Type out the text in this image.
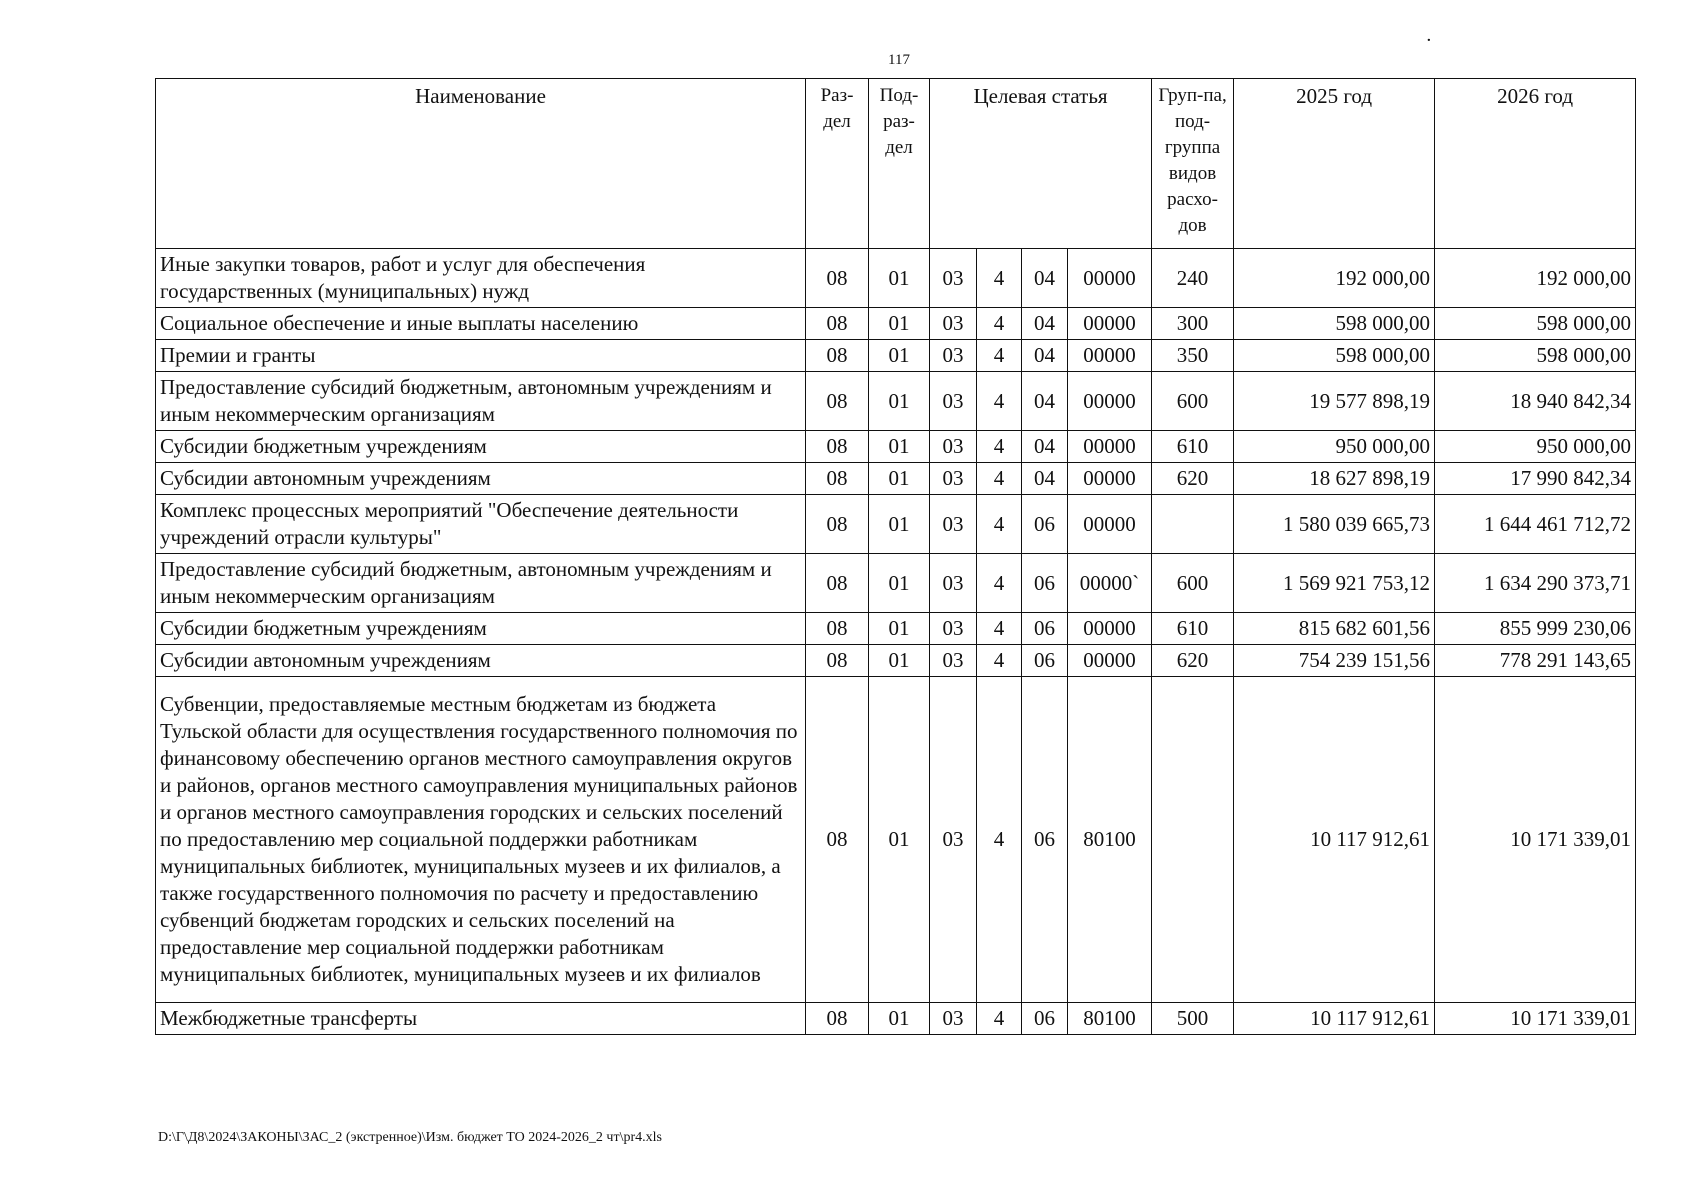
117
·
Наименование	Раз-дел	Под-раз-дел	Целевая статья				Груп-па, под-группа видов расхо-дов	2025 год	2026 год
Иные закупки товаров, работ и услуг для обеспечения государственных (муниципальных) нужд	08	01	03	4	04	00000	240	192 000,00	192 000,00
Социальное обеспечение и иные выплаты населению	08	01	03	4	04	00000	300	598 000,00	598 000,00
Премии и гранты	08	01	03	4	04	00000	350	598 000,00	598 000,00
Предоставление субсидий бюджетным, автономным учреждениям и иным некоммерческим организациям	08	01	03	4	04	00000	600	19 577 898,19	18 940 842,34
Субсидии бюджетным учреждениям	08	01	03	4	04	00000	610	950 000,00	950 000,00
Субсидии автономным учреждениям	08	01	03	4	04	00000	620	18 627 898,19	17 990 842,34
Комплекс процессных мероприятий "Обеспечение деятельности учреждений отрасли культуры"	08	01	03	4	06	00000		1 580 039 665,73	1 644 461 712,72
Предоставление субсидий бюджетным, автономным учреждениям и иным некоммерческим организациям	08	01	03	4	06	00000`	600	1 569 921 753,12	1 634 290 373,71
Субсидии бюджетным учреждениям	08	01	03	4	06	00000	610	815 682 601,56	855 999 230,06
Субсидии автономным учреждениям	08	01	03	4	06	00000	620	754 239 151,56	778 291 143,65
Субвенции, предоставляемые местным бюджетам из бюджета Тульской области для осуществления государственного полномочия по финансовому обеспечению органов местного самоуправления округов и районов, органов местного самоуправления муниципальных районов и органов местного самоуправления городских и сельских поселений по предоставлению мер социальной поддержки работникам муниципальных библиотек, муниципальных музеев и их филиалов, а также государственного полномочия по расчету и предоставлению субвенций бюджетам городских и сельских поселений на предоставление мер социальной поддержки работникам муниципальных библиотек, муниципальных музеев и их филиалов	08	01	03	4	06	80100		10 117 912,61	10 171 339,01
Межбюджетные трансферты	08	01	03	4	06	80100	500	10 117 912,61	10 171 339,01
D:\Г\Д8\2024\ЗАКОНЫ\ЗАС_2 (экстренное)\Изм. бюджет ТО 2024-2026_2 чт\pr4.xls
